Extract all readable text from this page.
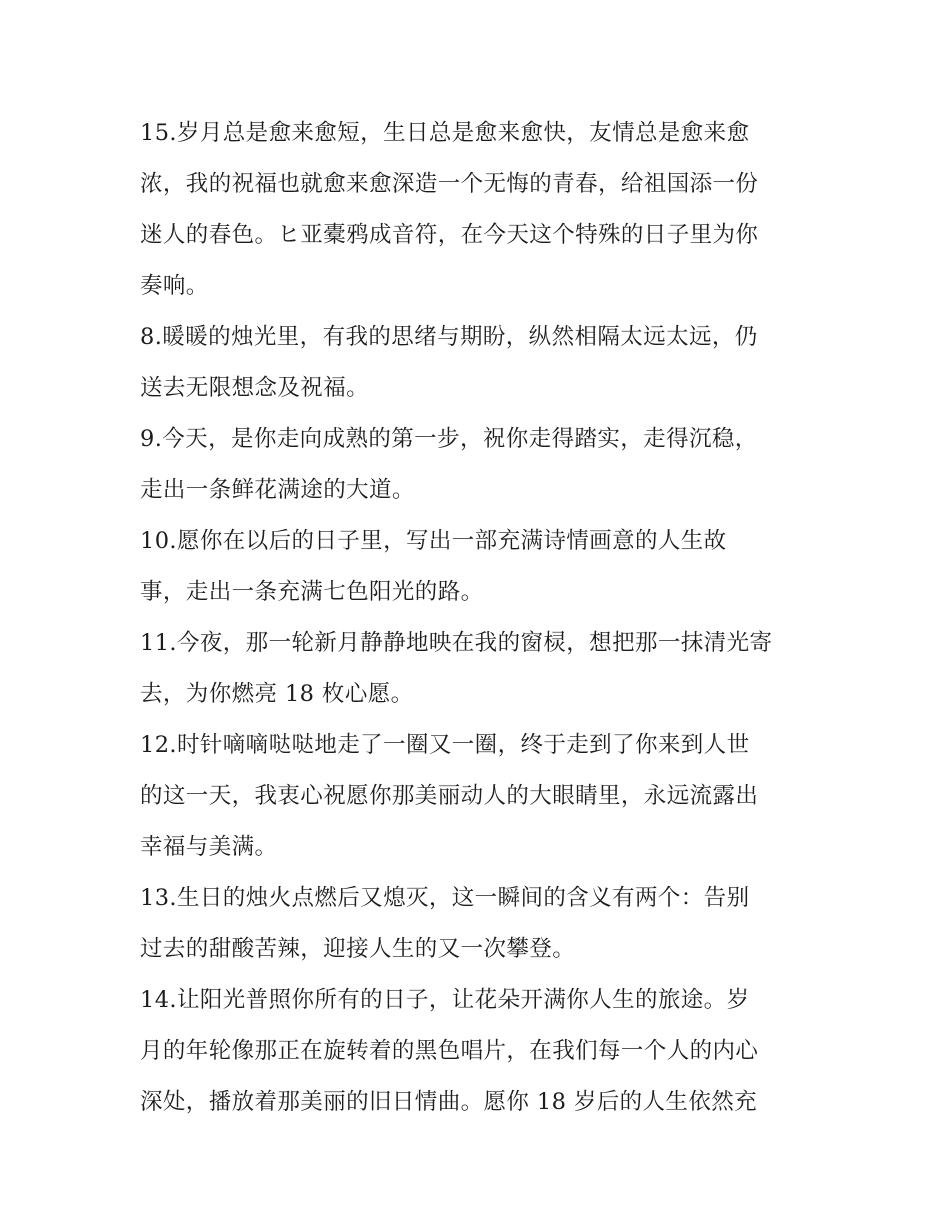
15.岁月总是愈来愈短，生日总是愈来愈快，友情总是愈来愈
浓，我的祝福也就愈来愈深造一个无悔的青春，给祖国添一份
迷人的春色。ヒ亚橐鸦成音符，在今天这个特殊的日子里为你
奏响。

8.暖暖的烛光里，有我的思绪与期盼，纵然相隔太远太远，仍
送去无限想念及祝福。

9.今天，是你走向成熟的第一步，祝你走得踏实，走得沉稳，
走出一条鲜花满途的大道。

10.愿你在以后的日子里，写出一部充满诗情画意的人生故
事，走出一条充满七色阳光的路。

11.今夜，那一轮新月静静地映在我的窗棂，想把那一抹清光寄
去，为你燃亮 18 枚心愿。

12.时针嘀嘀哒哒地走了一圈又一圈，终于走到了你来到人世
的这一天，我衷心祝愿你那美丽动人的大眼睛里，永远流露出
幸福与美满。

13.生日的烛火点燃后又熄灭，这一瞬间的含义有两个：告别
过去的甜酸苦辣，迎接人生的又一次攀登。

14.让阳光普照你所有的日子，让花朵开满你人生的旅途。岁
月的年轮像那正在旋转着的黑色唱片，在我们每一个人的内心
深处，播放着那美丽的旧日情曲。愿你 18 岁后的人生依然充
